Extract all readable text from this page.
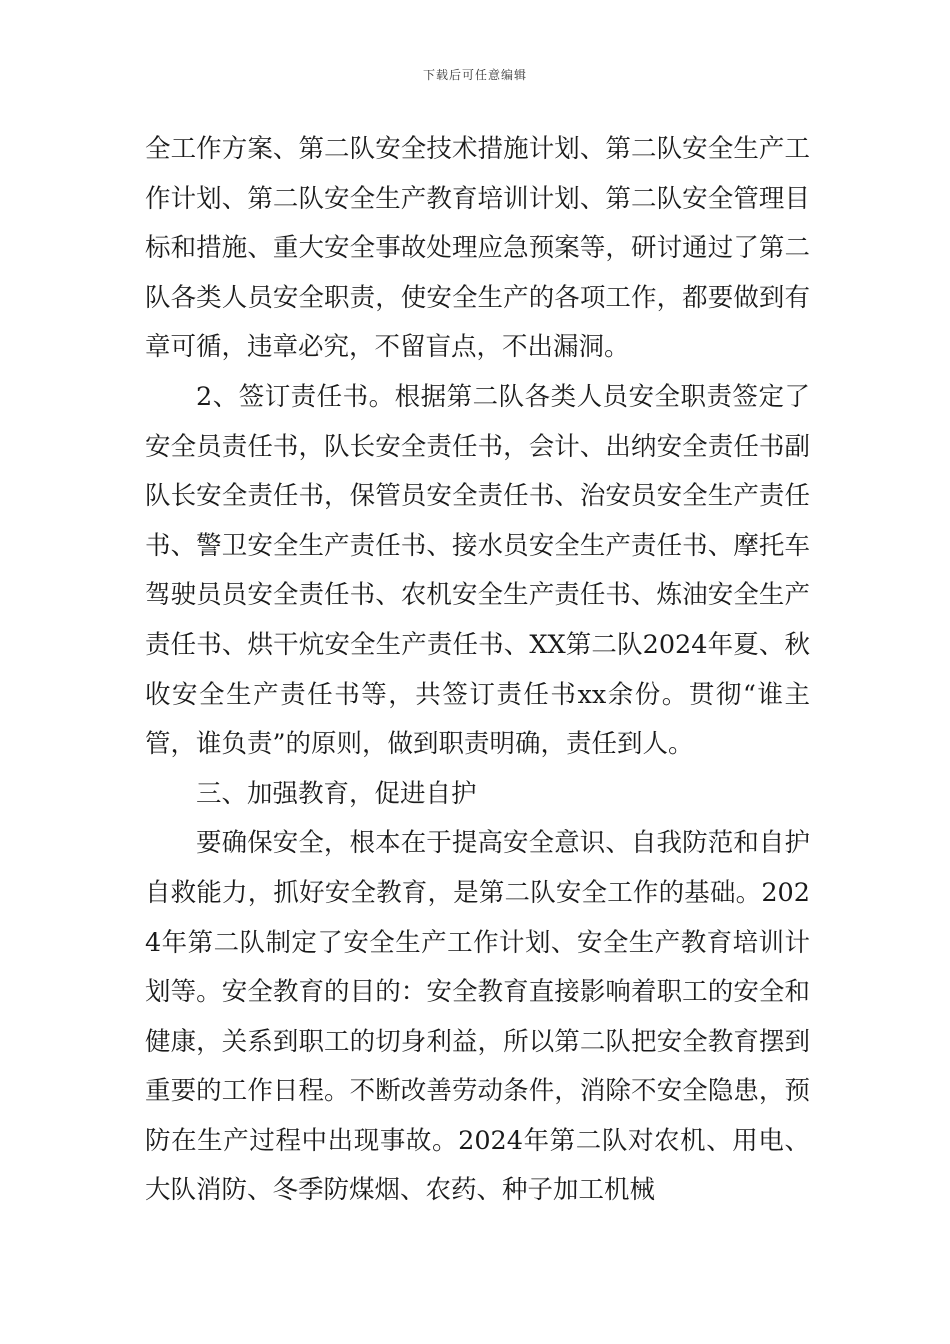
下载后可任意编辑

全工作方案、第二队安全技术措施计划、第二队安全生产工作计划、第二队安全生产教育培训计划、第二队安全管理目标和措施、重大安全事故处理应急预案等，研讨通过了第二队各类人员安全职责，使安全生产的各项工作，都要做到有章可循，违章必究，不留盲点，不出漏洞。

2、签订责任书。根据第二队各类人员安全职责签定了安全员责任书，队长安全责任书，会计、出纳安全责任书副队长安全责任书，保管员安全责任书、治安员安全生产责任书、警卫安全生产责任书、接水员安全生产责任书、摩托车驾驶员员安全责任书、农机安全生产责任书、炼油安全生产责任书、烘干炕安全生产责任书、XX第二队2024年夏、秋收安全生产责任书等，共签订责任书xx余份。贯彻“谁主管，谁负责”的原则，做到职责明确，责任到人。

三、加强教育，促进自护

要确保安全，根本在于提高安全意识、自我防范和自护自救能力，抓好安全教育，是第二队安全工作的基础。2024年第二队制定了安全生产工作计划、安全生产教育培训计划等。安全教育的目的：安全教育直接影响着职工的安全和健康，关系到职工的切身利益，所以第二队把安全教育摆到重要的工作日程。不断改善劳动条件，消除不安全隐患，预防在生产过程中出现事故。2024年第二队对农机、用电、大队消防、冬季防煤烟、农药、种子加工机械
